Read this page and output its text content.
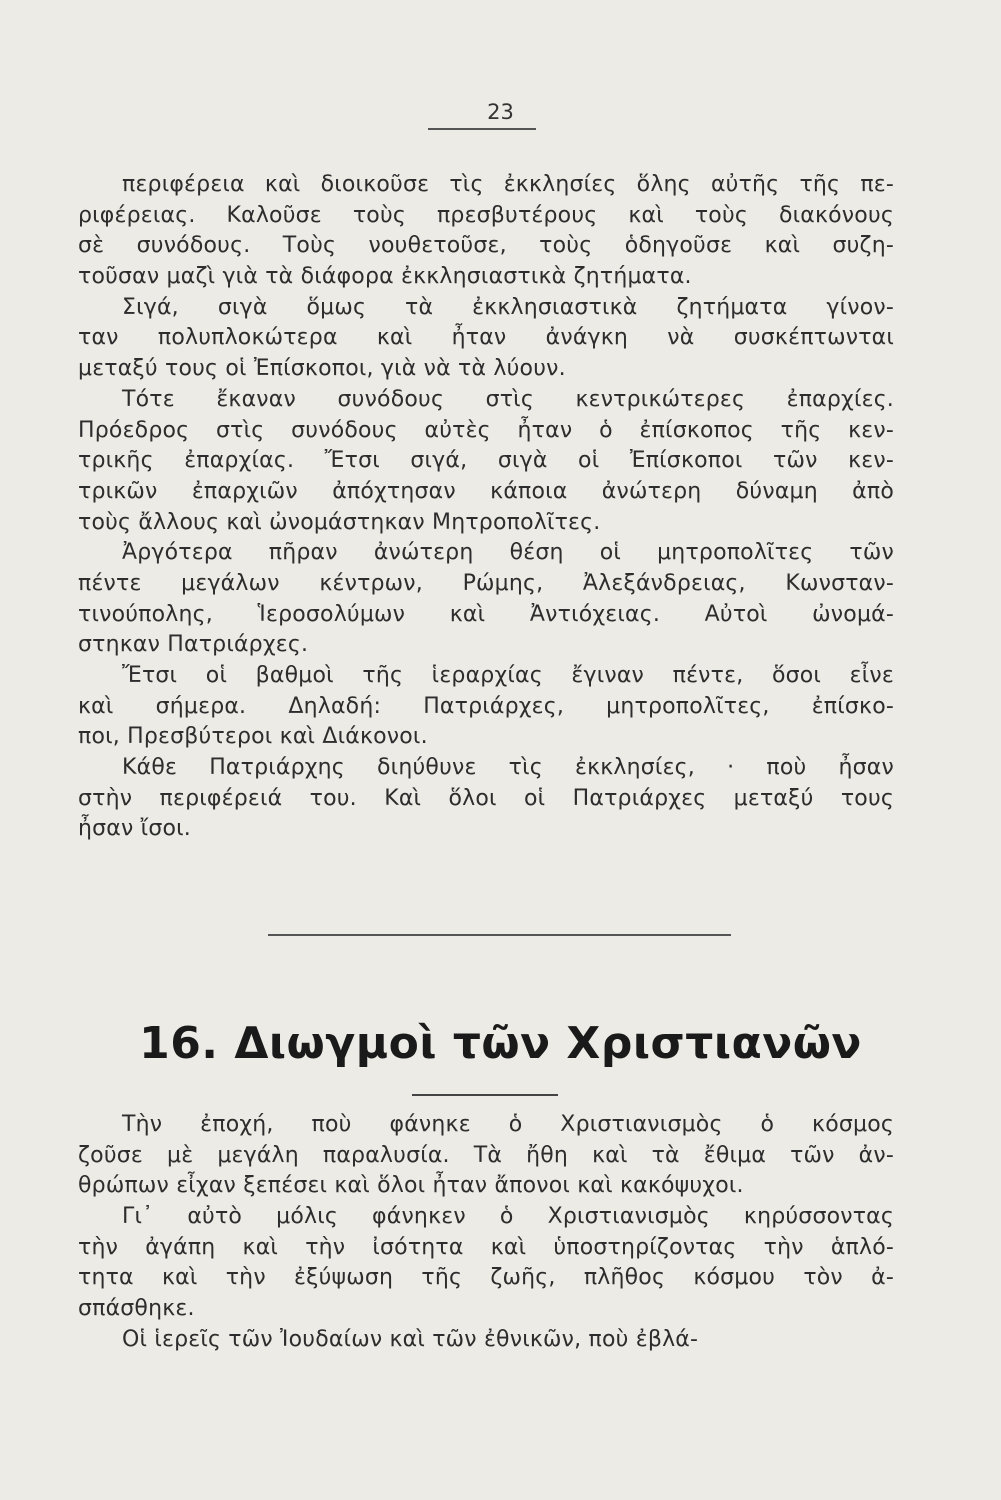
23
περιφέρεια καὶ διοικοῦσε τὶς ἐκκλησίες ὅλης αὐτῆς τῆς πε-
ριφέρειας. Καλοῦσε τοὺς πρεσβυτέρους καὶ τοὺς διακόνους
σὲ συνόδους. Τοὺς νουθετοῦσε, τοὺς ὁδηγοῦσε καὶ συζη-
τοῦσαν μαζὶ γιὰ τὰ διάφορα ἐκκλησιαστικὰ ζητήματα.
Σιγά, σιγὰ ὅμως τὰ ἐκκλησιαστικὰ ζητήματα γίνον-
ταν πολυπλοκώτερα καὶ ἦταν ἀνάγκη νὰ συσκέπτωνται
μεταξύ τους οἱ Ἐπίσκοποι, γιὰ νὰ τὰ λύουν.
Τότε ἔκαναν συνόδους στὶς κεντρικώτερες ἐπαρχίες.
Πρόεδρος στὶς συνόδους αὐτὲς ἦταν ὁ ἐπίσκοπος τῆς κεν-
τρικῆς ἐπαρχίας. Ἔτσι σιγά, σιγὰ οἱ Ἐπίσκοποι τῶν κεν-
τρικῶν ἐπαρχιῶν ἀπόχτησαν κάποια ἀνώτερη δύναμη ἀπὸ
τοὺς ἄλλους καὶ ὠνομάστηκαν Μητροπολῖτες.
Ἀργότερα πῆραν ἀνώτερη θέση οἱ μητροπολῖτες τῶν
πέντε μεγάλων κέντρων, Ρώμης, Ἀλεξάνδρειας, Κωνσταν-
τινούπολης, Ἱεροσολύμων καὶ Ἀντιόχειας. Αὐτοὶ ὠνομά-
στηκαν Πατριάρχες.
Ἔτσι οἱ βαθμοὶ τῆς ἱεραρχίας ἔγιναν πέντε, ὅσοι εἶνε
καὶ σήμερα. Δηλαδή: Πατριάρχες, μητροπολῖτες, ἐπίσκο-
ποι, Πρεσβύτεροι καὶ Διάκονοι.
Κάθε Πατριάρχης διηύθυνε τὶς ἐκκλησίες, · ποὺ ἦσαν
στὴν περιφέρειά του. Καὶ ὅλοι οἱ Πατριάρχες μεταξύ τους
ἦσαν ἴσοι.
16. Διωγμοὶ τῶν Χριστιανῶν
Τὴν ἐποχή, ποὺ φάνηκε ὁ Χριστιανισμὸς ὁ κόσμος
ζοῦσε μὲ μεγάλη παραλυσία. Τὰ ἤθη καὶ τὰ ἔθιμα τῶν ἀν-
θρώπων εἶχαν ξεπέσει καὶ ὅλοι ἦταν ἄπονοι καὶ κακόψυχοι.
Γι᾽ αὐτὸ μόλις φάνηκεν ὁ Χριστιανισμὸς κηρύσσοντας
τὴν ἀγάπη καὶ τὴν ἰσότητα καὶ ὑποστηρίζοντας τὴν ἁπλό-
τητα καὶ τὴν ἐξύψωση τῆς ζωῆς, πλῆθος κόσμου τὸν ἀ-
σπάσθηκε.
Οἱ ἱερεῖς τῶν Ἰουδαίων καὶ τῶν ἐθνικῶν, ποὺ ἐβλά-
